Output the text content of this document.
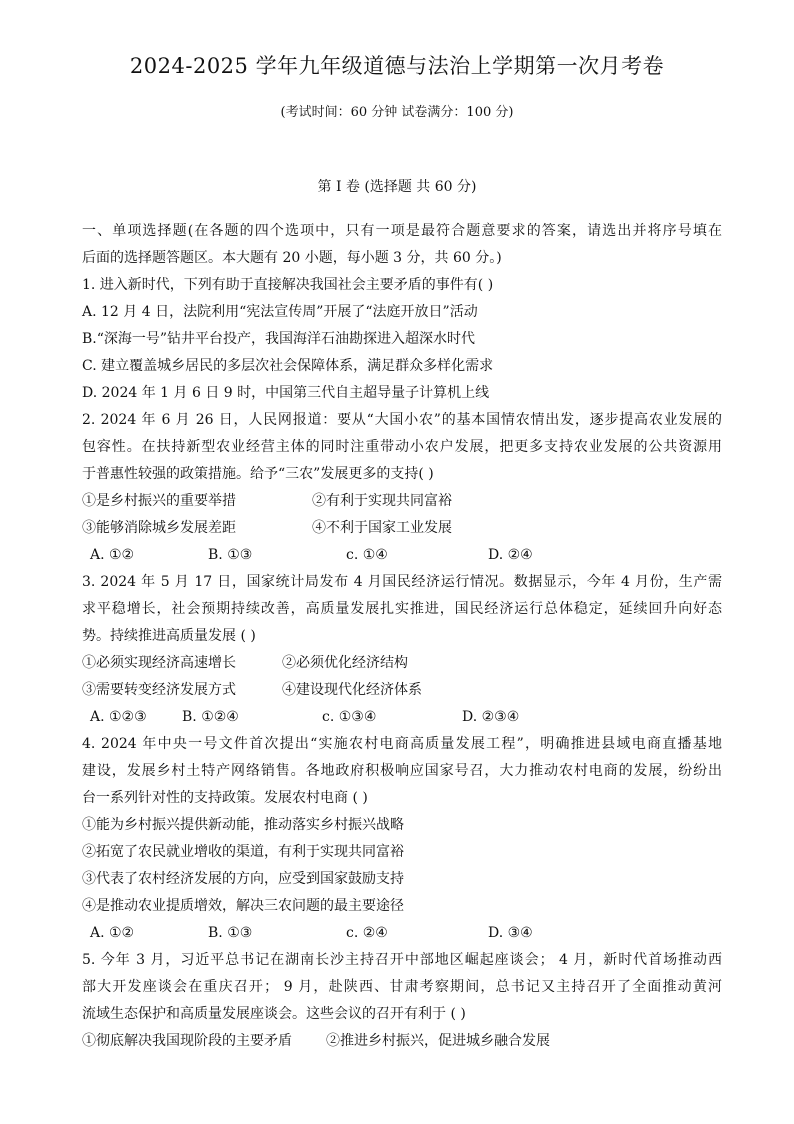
2024-2025 学年九年级道德与法治上学期第一次月考卷
(考试时间：60 分钟 试卷满分：100 分)
第 I 卷 (选择题 共 60 分)
一、单项选择题(在各题的四个选项中，只有一项是最符合题意要求的答案，请选出并将序号填在
后面的选择题答题区。本大题有 20 小题，每小题 3 分，共 60 分。)
1. 进入新时代，下列有助于直接解决我国社会主要矛盾的事件有( )
A. 12 月 4 日，法院利用“宪法宣传周”开展了“法庭开放日”活动
B.“深海一号”钻井平台投产，我国海洋石油勘探进入超深水时代
C. 建立覆盖城乡居民的多层次社会保障体系，满足群众多样化需求
D. 2024 年 1 月 6 日 9 时，中国第三代自主超导量子计算机上线
2. 2024 年 6 月 26 日，人民网报道：要从“大国小农”的基本国情农情出发，逐步提高农业发展的
包容性。在扶持新型农业经营主体的同时注重带动小农户发展，把更多支持农业发展的公共资源用
于普惠性较强的政策措施。给予“三农”发展更多的支持( )
①是乡村振兴的重要举措	②有利于实现共同富裕
③能够消除城乡发展差距	④不利于国家工业发展
A. ①②	B. ①③	c. ①④	D. ②④
3. 2024 年 5 月 17 日，国家统计局发布 4 月国民经济运行情况。数据显示，今年 4 月份，生产需
求平稳增长，社会预期持续改善，高质量发展扎实推进，国民经济运行总体稳定，延续回升向好态
势。持续推进高质量发展 ( )
①必须实现经济高速增长	②必须优化经济结构
③需要转变经济发展方式	④建设现代化经济体系
A. ①②③	B. ①②④	c. ①③④	D. ②③④
4. 2024 年中央一号文件首次提出“实施农村电商高质量发展工程”，明确推进县域电商直播基地
建设，发展乡村土特产网络销售。各地政府积极响应国家号召，大力推动农村电商的发展，纷纷出
台一系列针对性的支持政策。发展农村电商 ( )
①能为乡村振兴提供新动能，推动落实乡村振兴战略
②拓宽了农民就业增收的渠道，有利于实现共同富裕
③代表了农村经济发展的方向，应受到国家鼓励支持
④是推动农业提质增效，解决三农问题的最主要途径
A. ①②	B. ①③	c. ②④	D. ③④
5. 今年 3 月，习近平总书记在湖南长沙主持召开中部地区崛起座谈会； 4 月，新时代首场推动西
部大开发座谈会在重庆召开； 9 月，赴陕西、甘肃考察期间，总书记又主持召开了全面推动黄河
流域生态保护和高质量发展座谈会。这些会议的召开有利于 ( )
①彻底解决我国现阶段的主要矛盾	②推进乡村振兴，促进城乡融合发展
